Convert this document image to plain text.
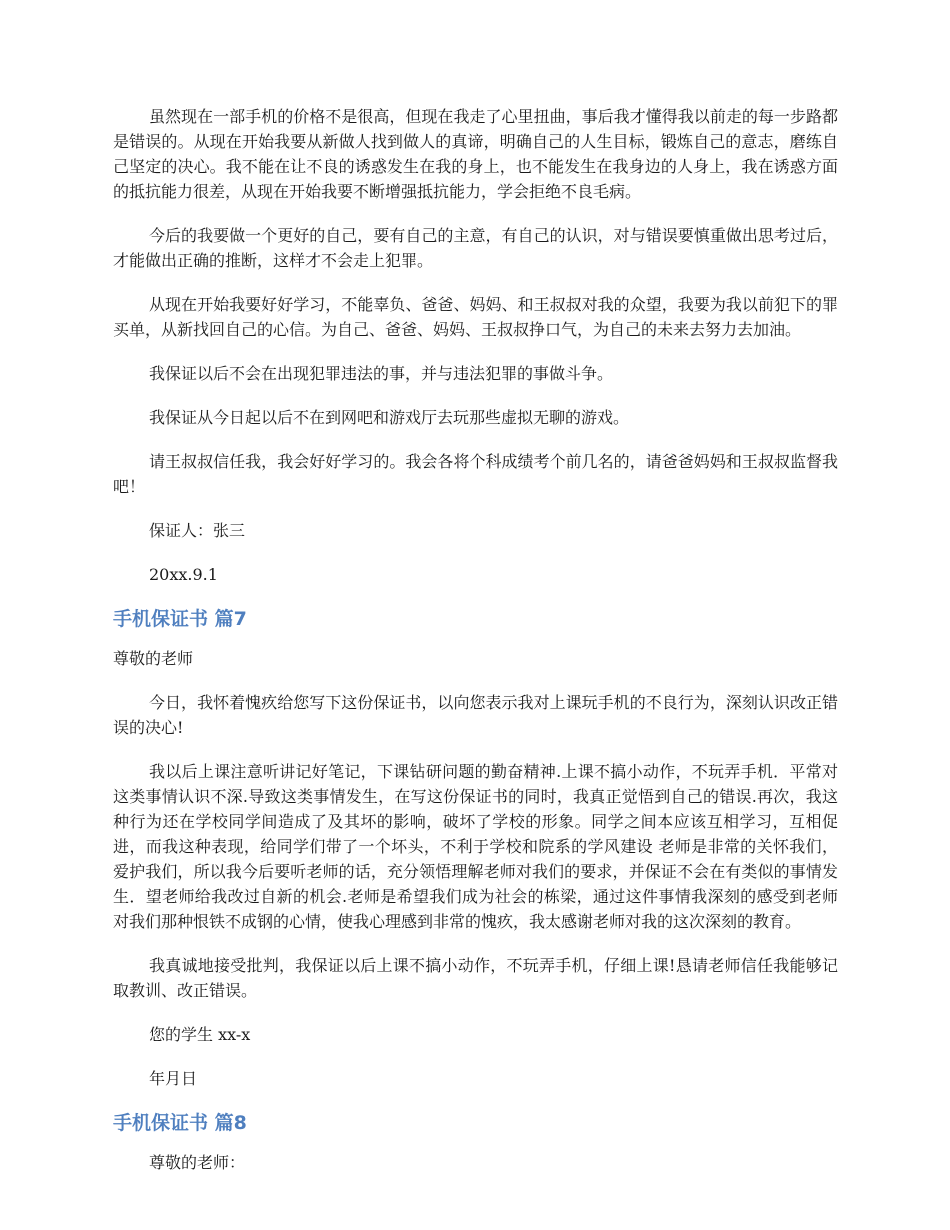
虽然现在一部手机的价格不是很高，但现在我走了心里扭曲，事后我才懂得我以前走的每一步路都是错误的。从现在开始我要从新做人找到做人的真谛，明确自己的人生目标，锻炼自己的意志，磨练自己坚定的决心。我不能在让不良的诱惑发生在我的身上，也不能发生在我身边的人身上，我在诱惑方面的抵抗能力很差，从现在开始我要不断增强抵抗能力，学会拒绝不良毛病。

今后的我要做一个更好的自己，要有自己的主意，有自己的认识，对与错误要慎重做出思考过后，才能做出正确的推断，这样才不会走上犯罪。

从现在开始我要好好学习，不能辜负、爸爸、妈妈、和王叔叔对我的众望，我要为我以前犯下的罪买单，从新找回自己的心信。为自己、爸爸、妈妈、王叔叔挣口气，为自己的未来去努力去加油。

我保证以后不会在出现犯罪违法的事，并与违法犯罪的事做斗争。

我保证从今日起以后不在到网吧和游戏厅去玩那些虚拟无聊的游戏。

请王叔叔信任我，我会好好学习的。我会各将个科成绩考个前几名的，请爸爸妈妈和王叔叔监督我吧！

保证人：张三

20xx.9.1

手机保证书 篇7

尊敬的老师

今日，我怀着愧疚给您写下这份保证书，以向您表示我对上课玩手机的不良行为，深刻认识改正错误的决心!

我以后上课注意听讲记好笔记，下课钻研问题的勤奋精神.上课不搞小动作，不玩弄手机．平常对这类事情认识不深.导致这类事情发生，在写这份保证书的同时，我真正觉悟到自己的错误.再次，我这种行为还在学校同学间造成了及其坏的影响，破坏了学校的形象。同学之间本应该互相学习，互相促进，而我这种表现，给同学们带了一个坏头，不利于学校和院系的学风建设 老师是非常的关怀我们，爱护我们，所以我今后要听老师的话，充分领悟理解老师对我们的要求，并保证不会在有类似的事情发生．望老师给我改过自新的机会.老师是希望我们成为社会的栋梁，通过这件事情我深刻的感受到老师对我们那种恨铁不成钢的心情，使我心理感到非常的愧疚，我太感谢老师对我的这次深刻的教育。

我真诚地接受批判，我保证以后上课不搞小动作，不玩弄手机，仔细上课!恳请老师信任我能够记取教训、改正错误。

您的学生 xx-x

年月日

手机保证书 篇8

尊敬的老师：
